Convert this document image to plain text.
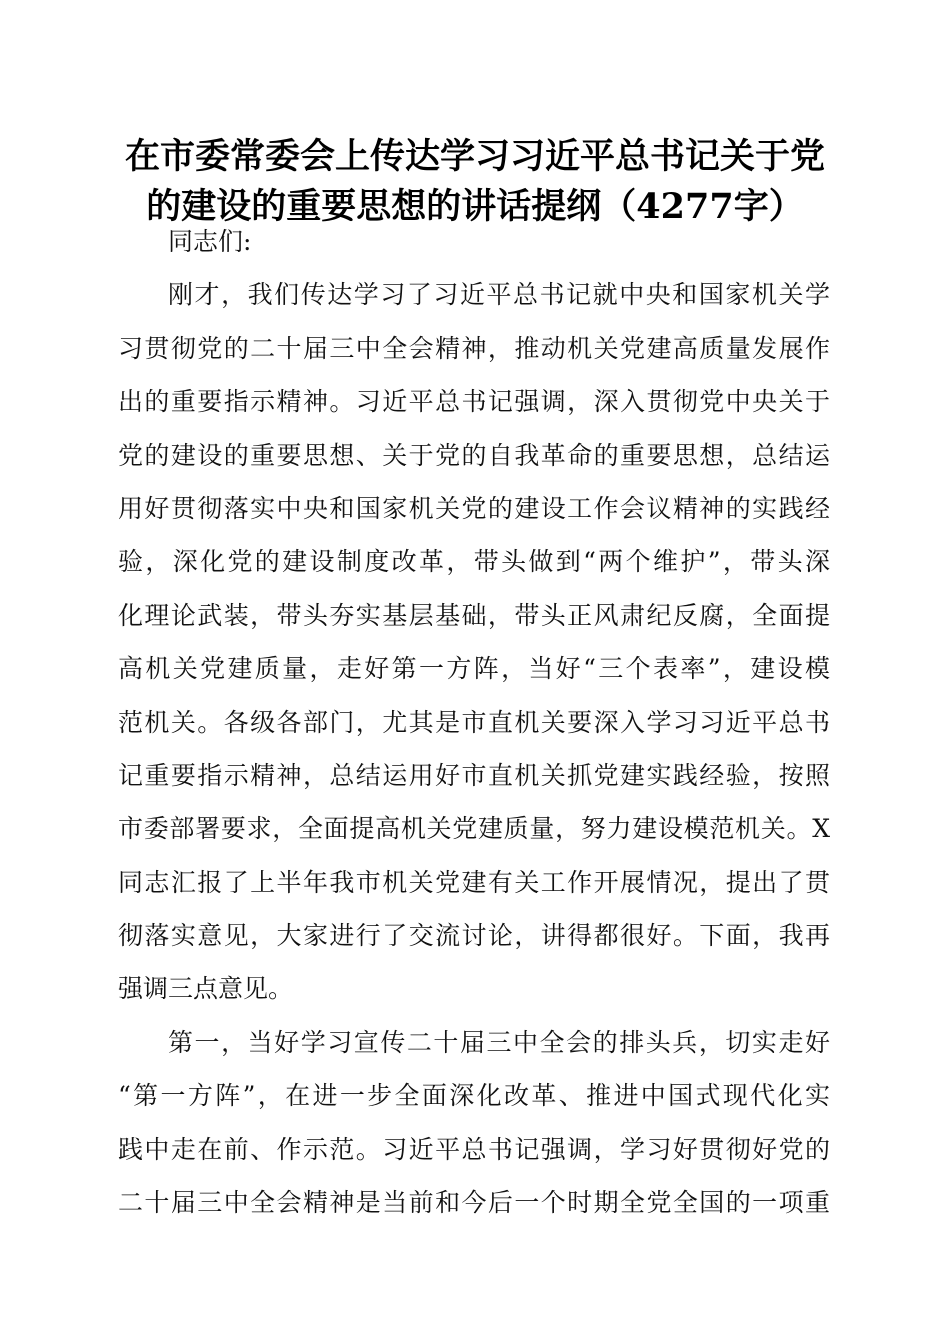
在市委常委会上传达学习习近平总书记关于党
的建设的重要思想的讲话提纲（4277字）
同志们:
刚才，我们传达学习了习近平总书记就中央和国家机关学
习贯彻党的二十届三中全会精神，推动机关党建高质量发展作
出的重要指示精神。习近平总书记强调，深入贯彻党中央关于
党的建设的重要思想、关于党的自我革命的重要思想，总结运
用好贯彻落实中央和国家机关党的建设工作会议精神的实践经
验，深化党的建设制度改革，带头做到“两个维护”，带头深
化理论武装，带头夯实基层基础，带头正风肃纪反腐，全面提
高机关党建质量，走好第一方阵，当好“三个表率”，建设模
范机关。各级各部门，尤其是市直机关要深入学习习近平总书
记重要指示精神，总结运用好市直机关抓党建实践经验，按照
市委部署要求，全面提高机关党建质量，努力建设模范机关。X
同志汇报了上半年我市机关党建有关工作开展情况，提出了贯
彻落实意见，大家进行了交流讨论，讲得都很好。下面，我再
强调三点意见。
第一，当好学习宣传二十届三中全会的排头兵，切实走好
“第一方阵”，在进一步全面深化改革、推进中国式现代化实
践中走在前、作示范。习近平总书记强调，学习好贯彻好党的
二十届三中全会精神是当前和今后一个时期全党全国的一项重
